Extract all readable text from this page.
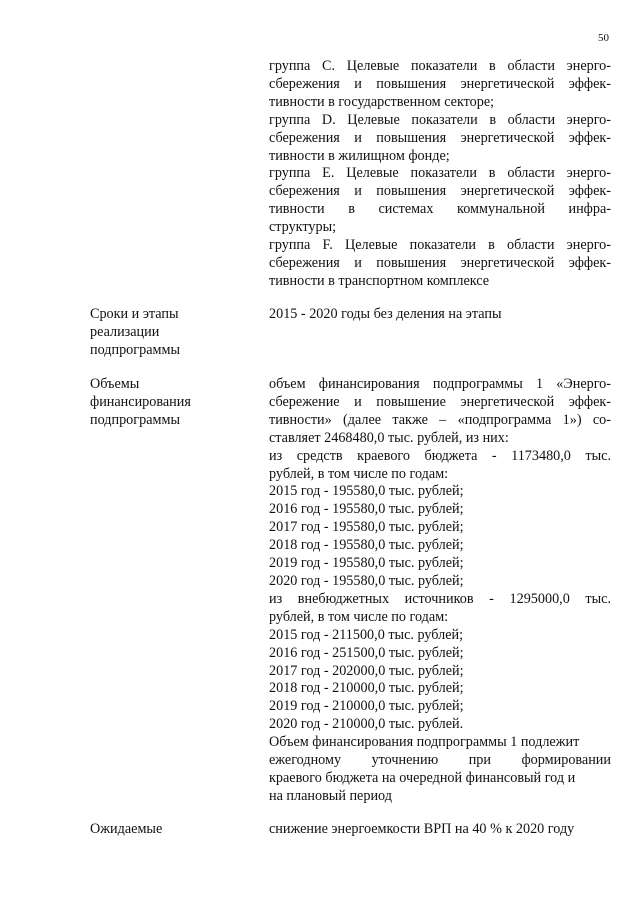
50
группа C. Целевые показатели в области энерго-
сбережения и повышения энергетической эффек-
тивности в государственном секторе;
группа D. Целевые показатели в области энерго-
сбережения и повышения энергетической эффек-
тивности в жилищном фонде;
группа E. Целевые показатели в области энерго-
сбережения и повышения энергетической эффек-
тивности в системах коммунальной инфра-
структуры;
группа F. Целевые показатели в области энерго-
сбережения и повышения энергетической эффек-
тивности в транспортном комплексе
Сроки и этапы
реализации
подпрограммы
2015 - 2020 годы без деления на этапы
Объемы
финансирования
подпрограммы
объем финансирования подпрограммы 1 «Энерго-
сбережение и повышение энергетической эффек-
тивности» (далее также – «подпрограмма 1») со-
ставляет 2468480,0 тыс. рублей, из них:
из средств краевого бюджета - 1173480,0 тыс.
рублей, в том числе по годам:
2015 год - 195580,0 тыс. рублей;
2016 год - 195580,0 тыс. рублей;
2017 год - 195580,0 тыс. рублей;
2018 год - 195580,0 тыс. рублей;
2019 год - 195580,0 тыс. рублей;
2020 год - 195580,0 тыс. рублей;
из внебюджетных источников - 1295000,0 тыс.
рублей, в том числе по годам:
2015 год - 211500,0 тыс. рублей;
2016 год - 251500,0 тыс. рублей;
2017 год - 202000,0 тыс. рублей;
2018 год - 210000,0 тыс. рублей;
2019 год - 210000,0 тыс. рублей;
2020 год - 210000,0 тыс. рублей.
Объем финансирования подпрограммы 1 подлежит
ежегодному уточнению при формировании
краевого бюджета на очередной финансовый год и
на плановый период
Ожидаемые	снижение энергоемкости ВРП на 40 % к 2020 году
